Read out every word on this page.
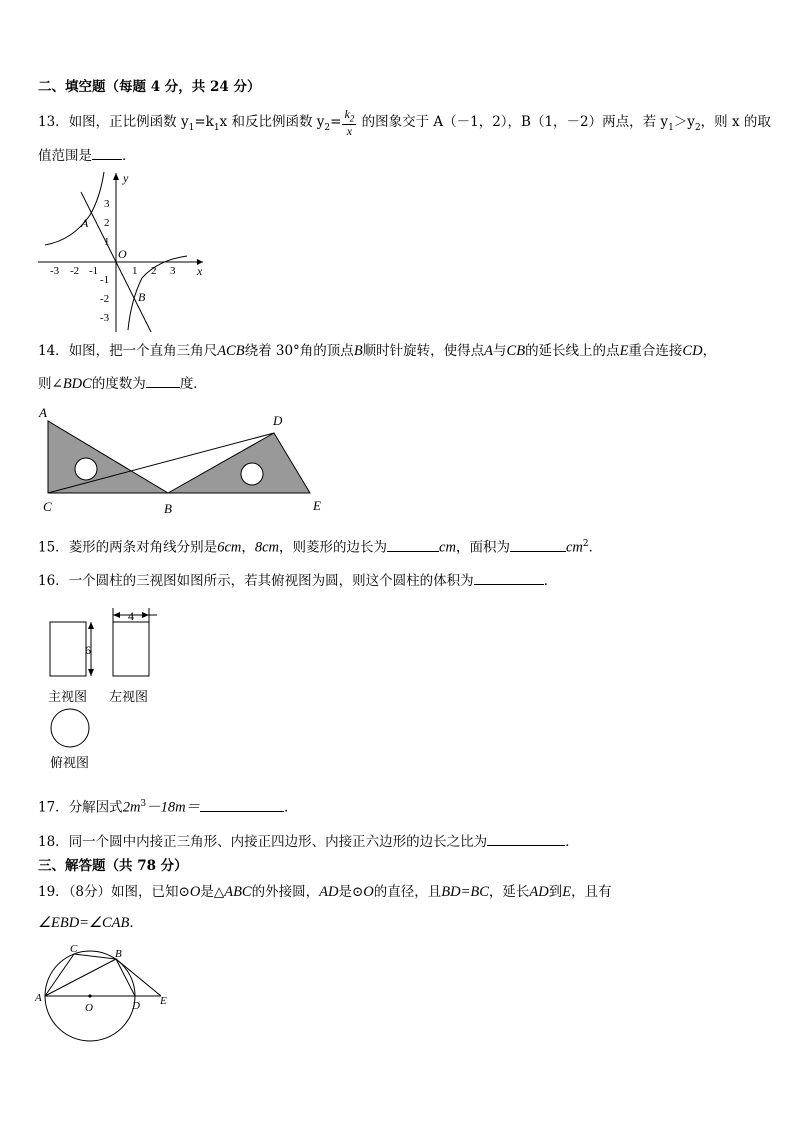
二、填空题（每题 4 分，共 24 分）
13．如图，正比例函数 $y_1=k_1x$ 和反比例函数 $y_2= \frac{k_2}{x}$ 的图象交于 A（－1，2），B（1，－2）两点，若 $y_1>y_2$，则 x 的取
值范围是 ．
x
y
O
-3 -2 -1	1 2 3
3
2
1
-1
-2
-3
A
B
14．如图，把一个直角三角尺ACB绕着 30°角的顶点B顺时针旋转，使得点A与CB的延长线上的点E重合连接CD，
则∠BDC的度数为	度．
A
C	B
D
E
15．菱形的两条对角线分别是6cm，8cm，则菱形的边长为	cm，面积为	$cm^2$．
16．一个圆柱的三视图如图所示，若其俯视图为圆，则这个圆柱的体积为	．
6
4
主视图 左视图
俯视图
17．分解因式$2m^3-18m=$	．
18．同一个圆中内接正三角形、内接正四边形、内接正六边形的边长之比为	．
三、解答题（共 78 分）
19．（8分）如图，已知⊙O是△ABC的外接圆，AD是⊙O的直径，且BD=BC，延长AD到E，且有
∠EBD=∠CAB．
A
C	B
O	D E
